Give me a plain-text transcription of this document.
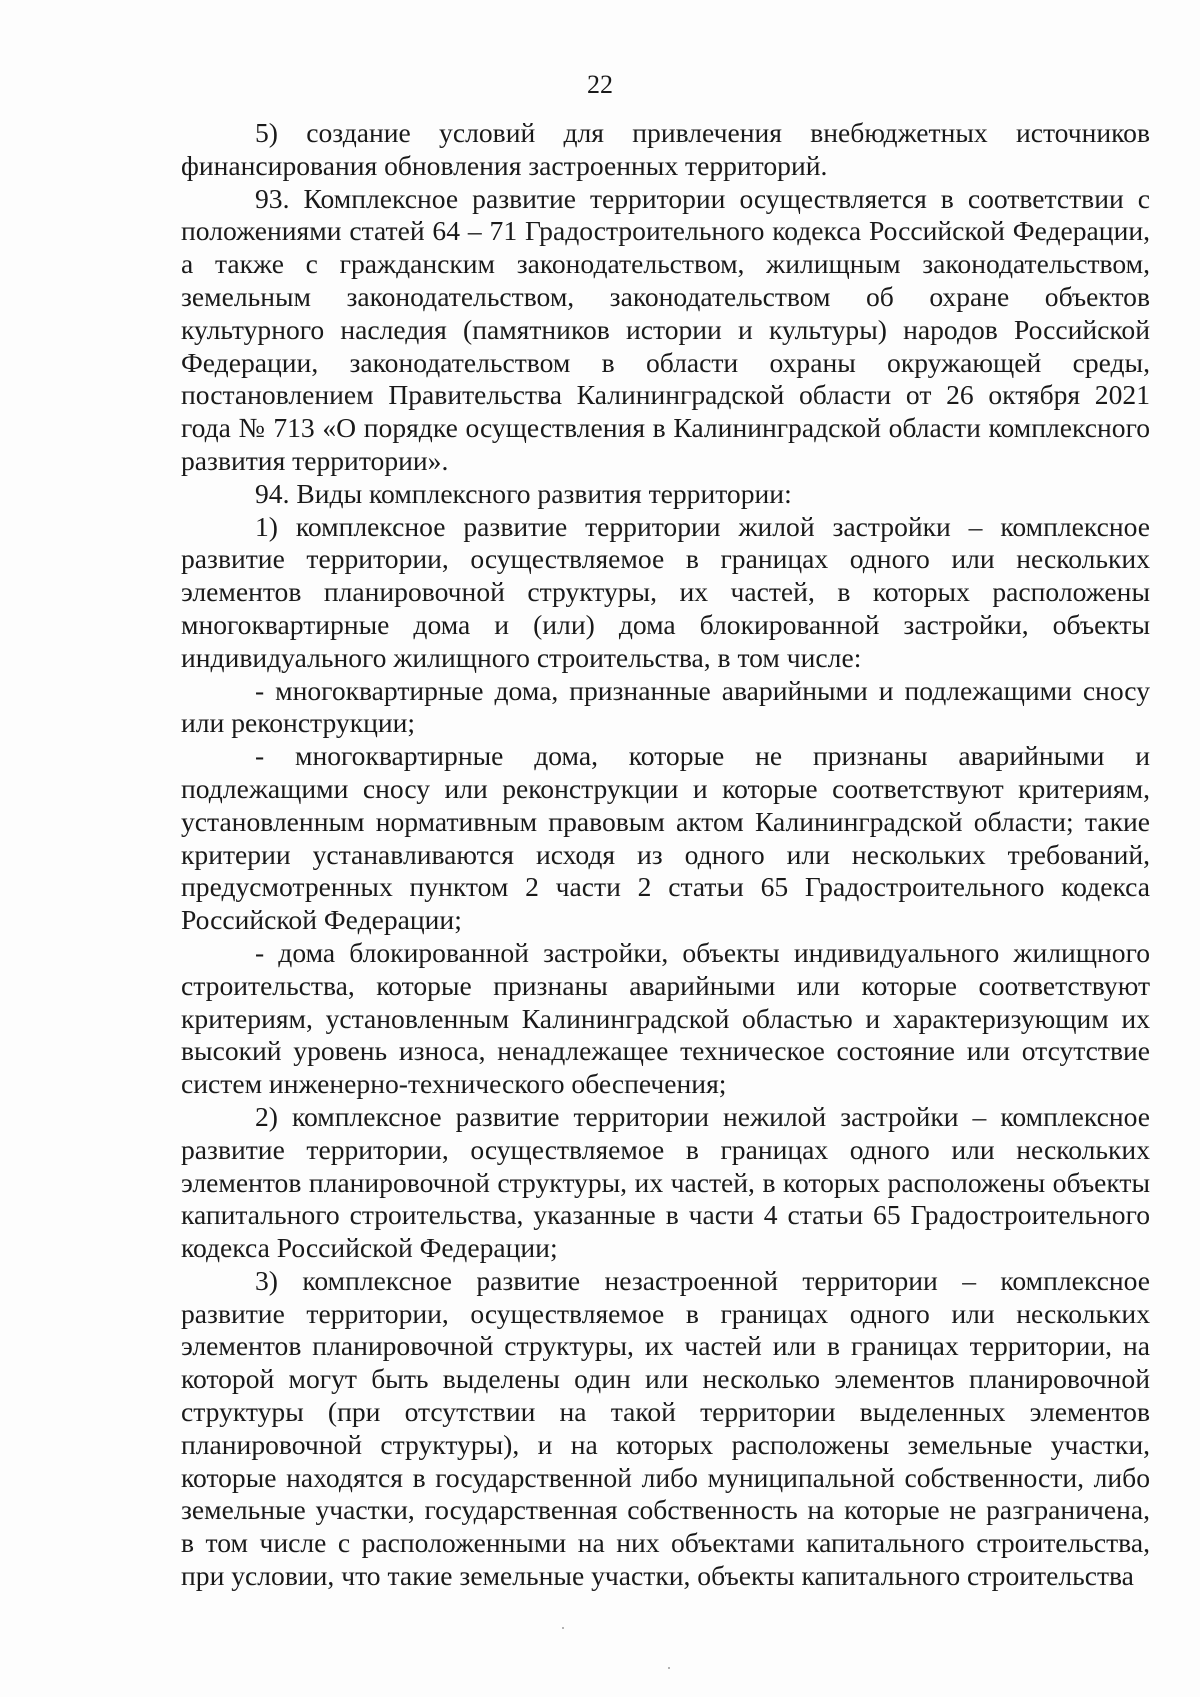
22

5) создание условий для привлечения внебюджетных источников финансирования обновления застроенных территорий.

93. Комплексное развитие территории осуществляется в соответствии с положениями статей 64 – 71 Градостроительного кодекса Российской Федерации, а также с гражданским законодательством, жилищным законодательством, земельным законодательством, законодательством об охране объектов культурного наследия (памятников истории и культуры) народов Российской Федерации, законодательством в области охраны окружающей среды, постановлением Правительства Калининградской области от 26 октября 2021 года № 713 «О порядке осуществления в Калининградской области комплексного развития территории».

94. Виды комплексного развития территории:

1) комплексное развитие территории жилой застройки – комплексное развитие территории, осуществляемое в границах одного или нескольких элементов планировочной структуры, их частей, в которых расположены многоквартирные дома и (или) дома блокированной застройки, объекты индивидуального жилищного строительства, в том числе:

- многоквартирные дома, признанные аварийными и подлежащими сносу или реконструкции;

- многоквартирные дома, которые не признаны аварийными и подлежащими сносу или реконструкции и которые соответствуют критериям, установленным нормативным правовым актом Калининградской области; такие критерии устанавливаются исходя из одного или нескольких требований, предусмотренных пунктом 2 части 2 статьи 65 Градостроительного кодекса Российской Федерации;

- дома блокированной застройки, объекты индивидуального жилищного строительства, которые признаны аварийными или которые соответствуют критериям, установленным Калининградской областью и характеризующим их высокий уровень износа, ненадлежащее техническое состояние или отсутствие систем инженерно-технического обеспечения;

2) комплексное развитие территории нежилой застройки – комплексное развитие территории, осуществляемое в границах одного или нескольких элементов планировочной структуры, их частей, в которых расположены объекты капитального строительства, указанные в части 4 статьи 65 Градостроительного кодекса Российской Федерации;

3) комплексное развитие незастроенной территории – комплексное развитие территории, осуществляемое в границах одного или нескольких элементов планировочной структуры, их частей или в границах территории, на которой могут быть выделены один или несколько элементов планировочной структуры (при отсутствии на такой территории выделенных элементов планировочной структуры), и на которых расположены земельные участки, которые находятся в государственной либо муниципальной собственности, либо земельные участки, государственная собственность на которые не разграничена, в том числе с расположенными на них объектами капитального строительства, при условии, что такие земельные участки, объекты капитального строительства
